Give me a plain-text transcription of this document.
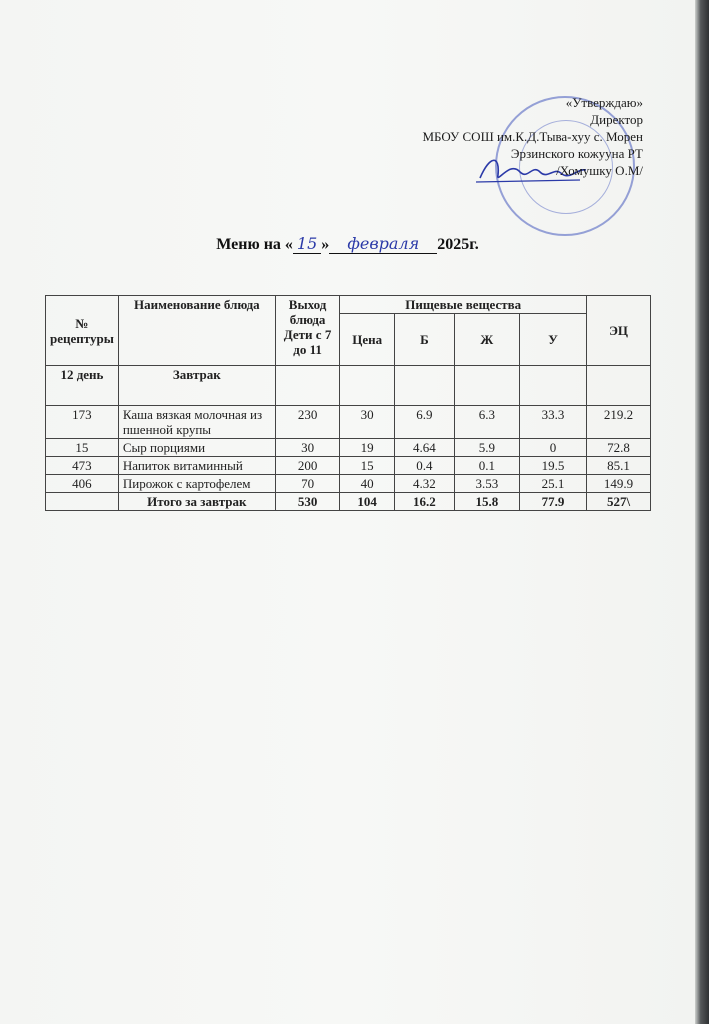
«Утверждаю»
Директор
МБОУ СОШ им.К.Д.Тыва-хуу с. Морен
Эрзинского кожууна РТ
/Хомушку О.М/
Меню на « 15 » февраля 2025г.
№ рецептуры	Наименование блюда	Выход блюда Дети с 7 до 11	Пищевые вещества				ЭЦ
			Цена	Б	Ж	У	
12 день	Завтрак						
173	Каша вязкая молочная из пшенной крупы	230	30	6.9	6.3	33.3	219.2
15	Сыр порциями	30	19	4.64	5.9	0	72.8
473	Напиток витаминный	200	15	0.4	0.1	19.5	85.1
406	Пирожок с картофелем	70	40	4.32	3.53	25.1	149.9
	Итого за завтрак	530	104	16.2	15.8	77.9	527\
